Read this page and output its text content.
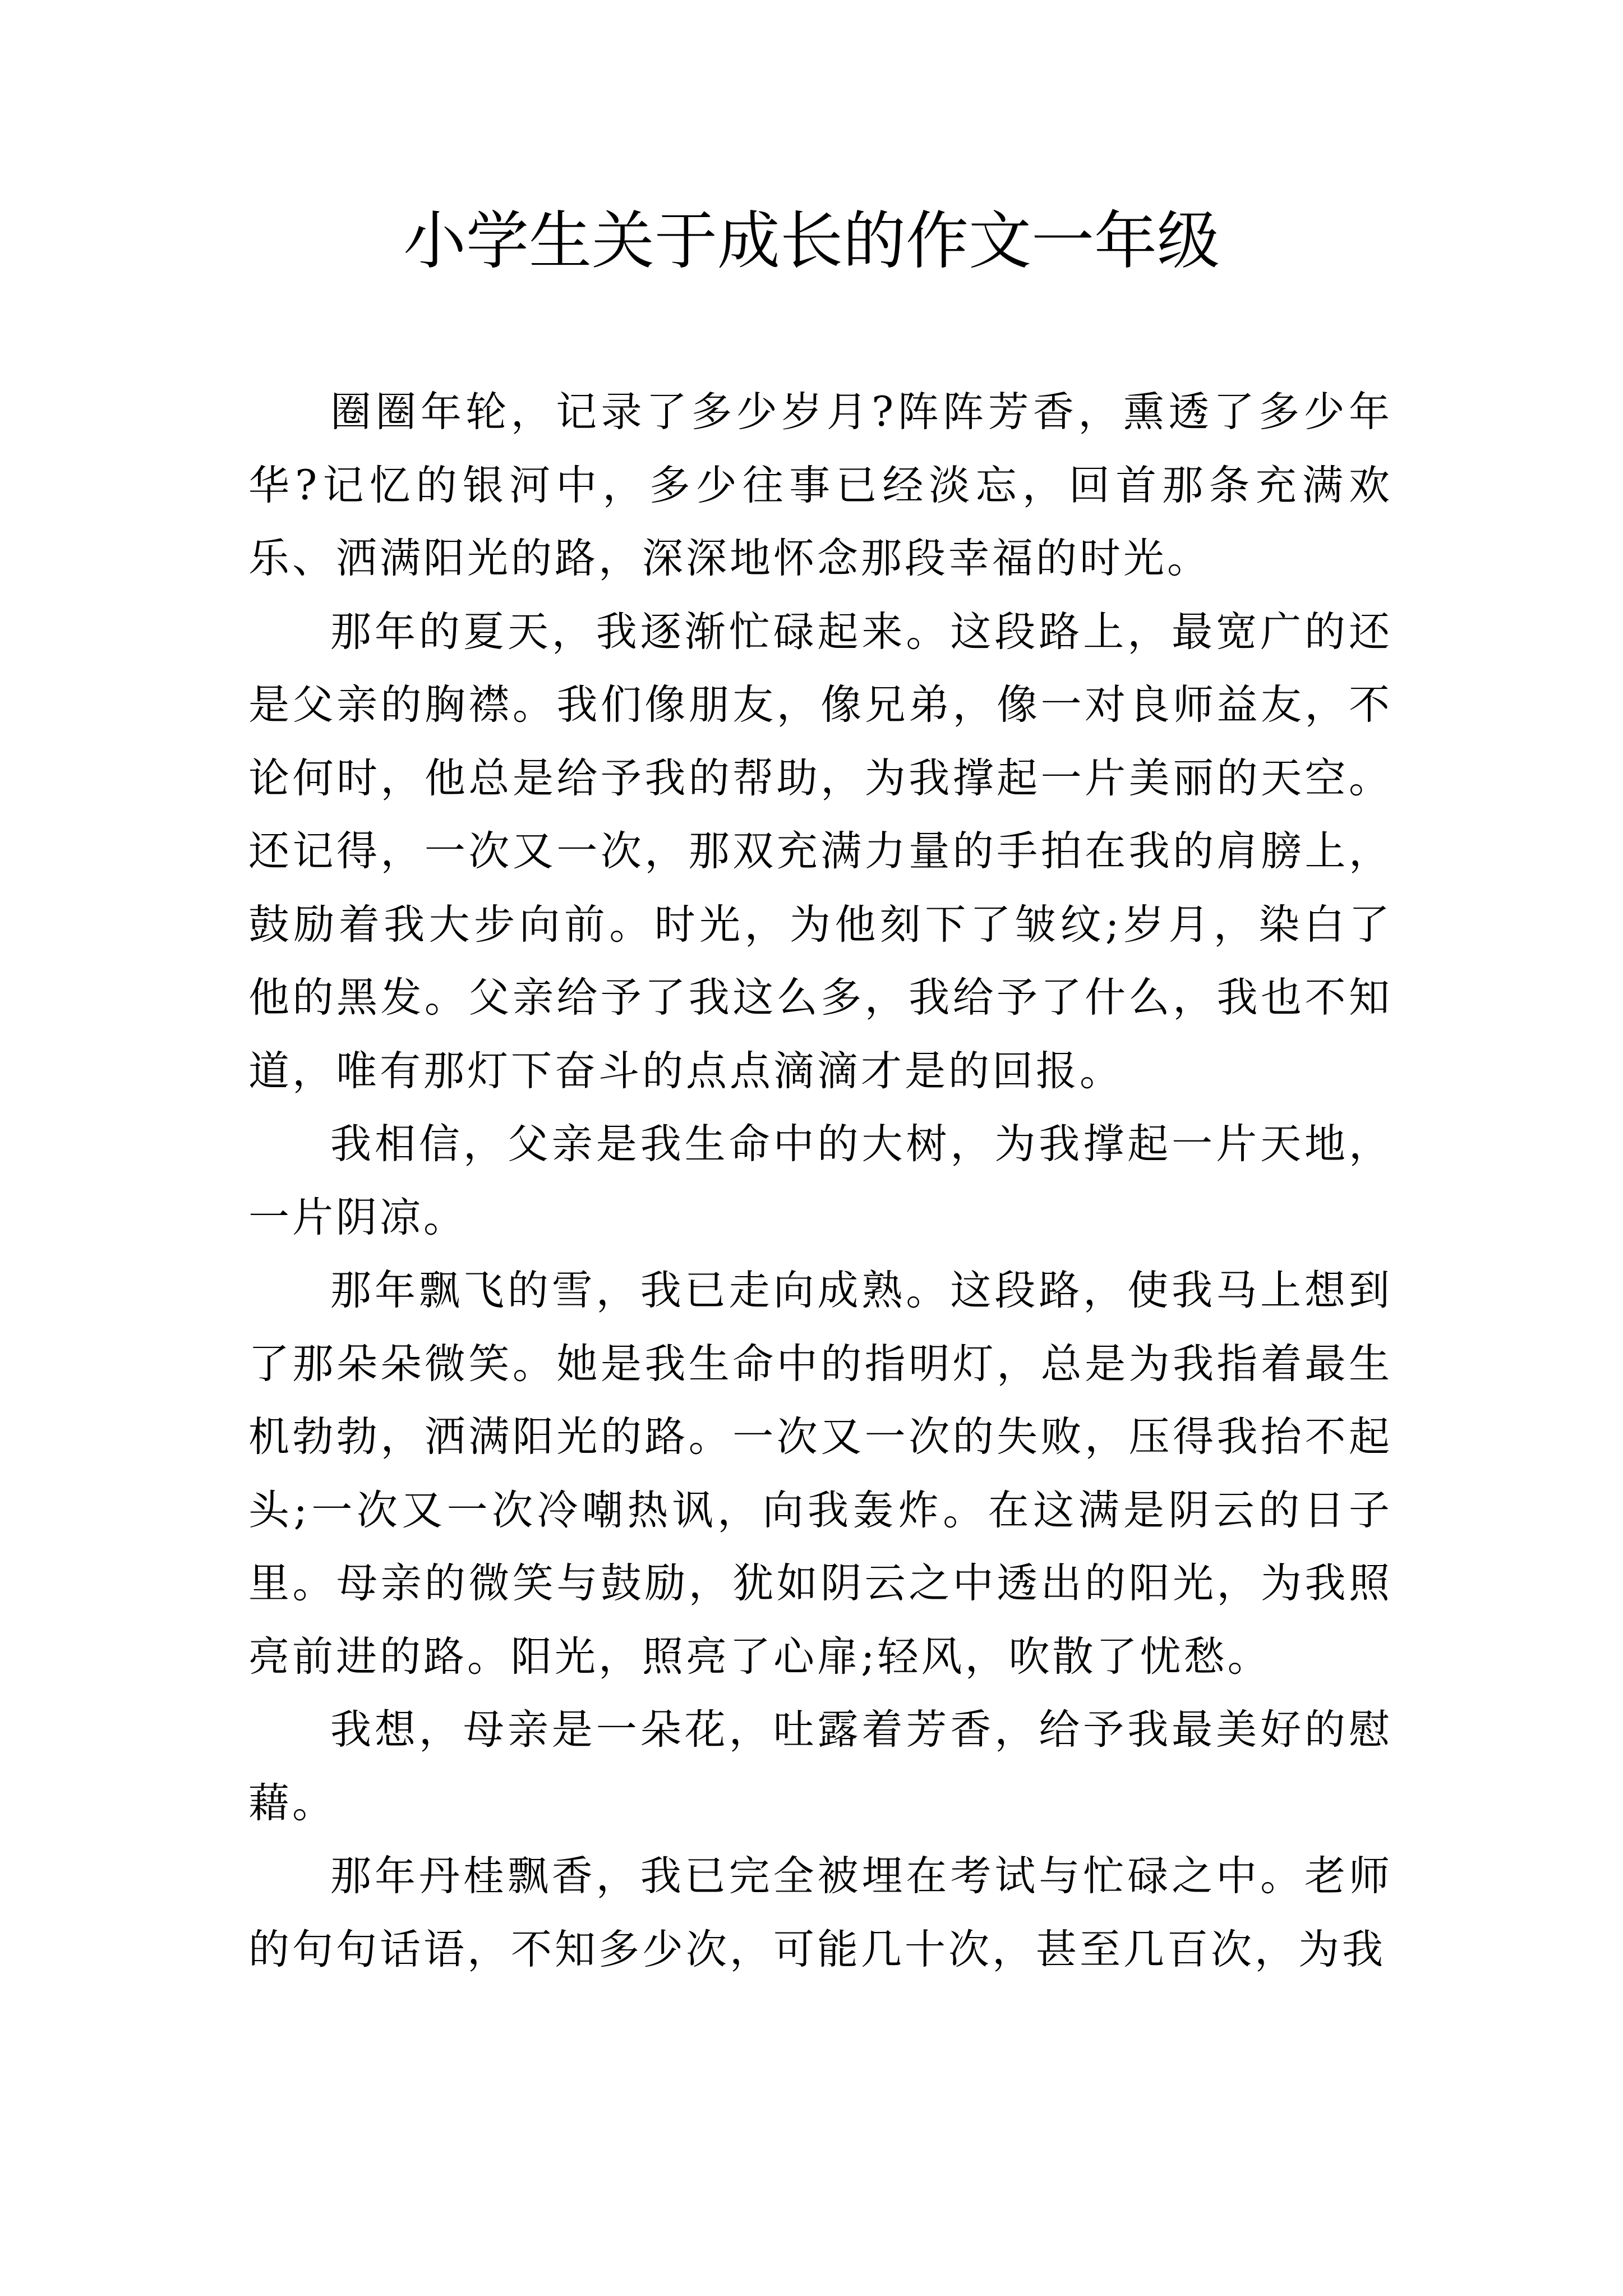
小学生关于成长的作文一年级

圈圈年轮，记录了多少岁月?阵阵芳香，熏透了多少年华?记忆的银河中，多少往事已经淡忘，回首那条充满欢乐、洒满阳光的路，深深地怀念那段幸福的时光。

那年的夏天，我逐渐忙碌起来。这段路上，最宽广的还是父亲的胸襟。我们像朋友，像兄弟，像一对良师益友，不论何时，他总是给予我的帮助，为我撑起一片美丽的天空。还记得，一次又一次，那双充满力量的手拍在我的肩膀上，鼓励着我大步向前。时光，为他刻下了皱纹;岁月，染白了他的黑发。父亲给予了我这么多，我给予了什么，我也不知道，唯有那灯下奋斗的点点滴滴才是的回报。

我相信，父亲是我生命中的大树，为我撑起一片天地，一片阴凉。

那年飘飞的雪，我已走向成熟。这段路，使我马上想到了那朵朵微笑。她是我生命中的指明灯，总是为我指着最生机勃勃，洒满阳光的路。一次又一次的失败，压得我抬不起头;一次又一次冷嘲热讽，向我轰炸。在这满是阴云的日子里。母亲的微笑与鼓励，犹如阴云之中透出的阳光，为我照亮前进的路。阳光，照亮了心扉;轻风，吹散了忧愁。

我想，母亲是一朵花，吐露着芳香，给予我最美好的慰藉。

那年丹桂飘香，我已完全被埋在考试与忙碌之中。老师的句句话语，不知多少次，可能几十次，甚至几百次，为我
